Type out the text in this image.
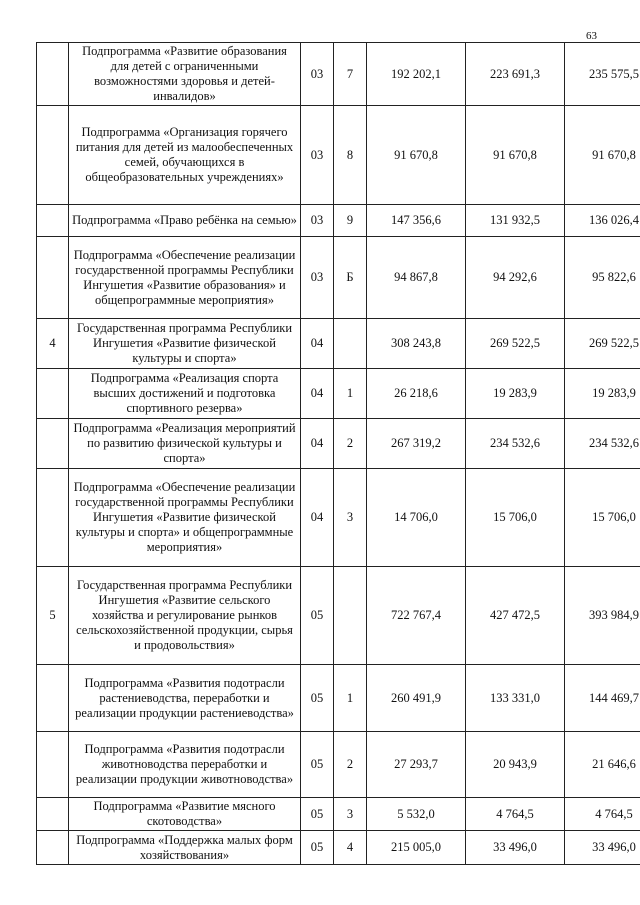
63
	Подпрограмма «Развитие образования для детей с ограниченными возможностями здоровья и детей-инвалидов»	03	7	192 202,1	223 691,3	235 575,5
	Подпрограмма «Организация горячего питания для детей из малообеспеченных семей, обучающихся в общеобразовательных учреждениях»	03	8	91 670,8	91 670,8	91 670,8
	Подпрограмма «Право ребёнка на семью»	03	9	147 356,6	131 932,5	136 026,4
	Подпрограмма «Обеспечение реализации государственной программы Республики Ингушетия «Развитие образования» и общепрограммные мероприятия»	03	Б	94 867,8	94 292,6	95 822,6
4	Государственная программа Республики Ингушетия «Развитие физической культуры и спорта»	04		308 243,8	269 522,5	269 522,5
	Подпрограмма «Реализация спорта высших достижений и подготовка спортивного резерва»	04	1	26 218,6	19 283,9	19 283,9
	Подпрограмма «Реализация мероприятий по развитию физической культуры и спорта»	04	2	267 319,2	234 532,6	234 532,6
	Подпрограмма «Обеспечение реализации государственной программы Республики Ингушетия «Развитие физической культуры и спорта» и общепрограммные мероприятия»	04	3	14 706,0	15 706,0	15 706,0
5	Государственная программа Республики Ингушетия «Развитие сельского хозяйства и регулирование рынков сельскохозяйственной продукции, сырья и продовольствия»	05		722 767,4	427 472,5	393 984,9
	Подпрограмма «Развития подотрасли растениеводства, переработки и реализации продукции растениеводства»	05	1	260 491,9	133 331,0	144 469,7
	Подпрограмма «Развития подотрасли животноводства переработки и реализации продукции животноводства»	05	2	27 293,7	20 943,9	21 646,6
	Подпрограмма «Развитие мясного скотоводства»	05	3	5 532,0	4 764,5	4 764,5
	Подпрограмма «Поддержка малых форм хозяйствования»	05	4	215 005,0	33 496,0	33 496,0
